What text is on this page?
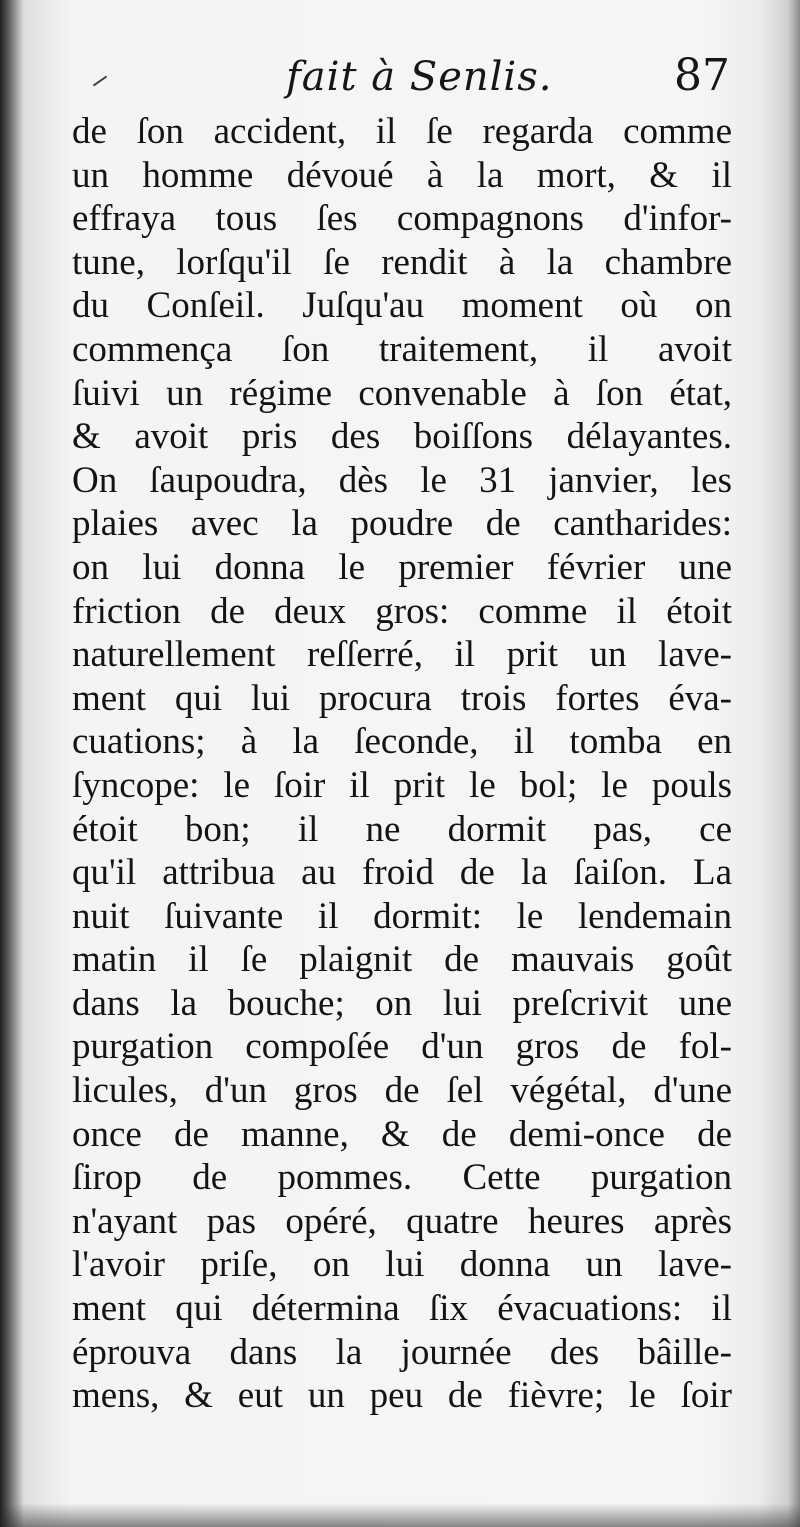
fait à Senlis.	87
de ſon accident, il ſe regarda comme
un homme dévoué à la mort, & il
effraya tous ſes compagnons d'infor-
tune, lorſqu'il ſe rendit à la chambre
du Conſeil. Juſqu'au moment où on
commença ſon traitement, il avoit
ſuivi un régime convenable à ſon état,
& avoit pris des boiſſons délayantes.
On ſaupoudra, dès le 31 janvier, les
plaies avec la poudre de cantharides:
on lui donna le premier février une
friction de deux gros: comme il étoit
naturellement reſſerré, il prit un lave-
ment qui lui procura trois fortes éva-
cuations; à la ſeconde, il tomba en
ſyncope: le ſoir il prit le bol; le pouls
étoit bon; il ne dormit pas, ce
qu'il attribua au froid de la ſaiſon. La
nuit ſuivante il dormit: le lendemain
matin il ſe plaignit de mauvais goût
dans la bouche; on lui preſcrivit une
purgation compoſée d'un gros de fol-
licules, d'un gros de ſel végétal, d'une
once de manne, & de demi-once de
ſirop de pommes. Cette purgation
n'ayant pas opéré, quatre heures après
l'avoir priſe, on lui donna un lave-
ment qui détermina ſix évacuations: il
éprouva dans la journée des bâille-
mens, & eut un peu de fièvre; le ſoir
